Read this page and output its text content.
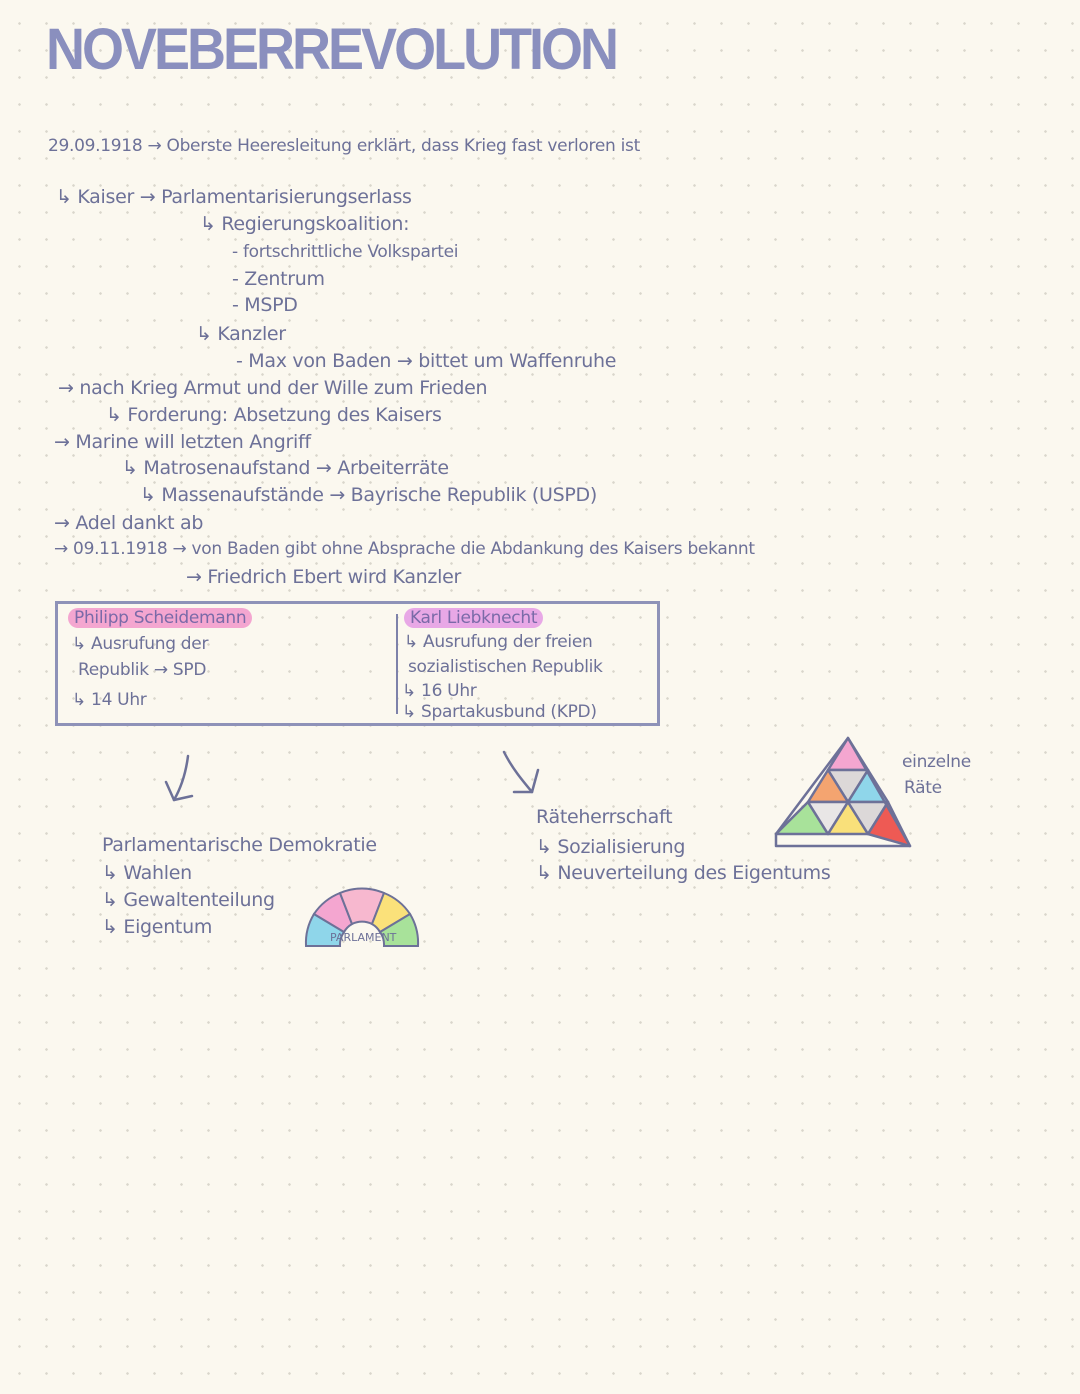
NOVEBERREVOLUTION
29.09.1918 → Oberste Heeresleitung erklärt, dass Krieg fast verloren ist
↳ Kaiser → Parlamentarisierungserlass
↳ Regierungskoalition:
- fortschrittliche Volkspartei
- Zentrum
- MSPD
↳ Kanzler
- Max von Baden → bittet um Waffenruhe
→ nach Krieg Armut und der Wille zum Frieden
↳ Forderung: Absetzung des Kaisers
→ Marine will letzten Angriff
↳ Matrosenaufstand → Arbeiterräte
↳ Massenaufstände → Bayrische Republik (USPD)
→ Adel dankt ab
→ 09.11.1918 → von Baden gibt ohne Absprache die Abdankung des Kaisers bekannt
→ Friedrich Ebert wird Kanzler
Philipp Scheidemann
↳ Ausrufung der
Republik → SPD
↳ 14 Uhr
Karl Liebknecht
↳ Ausrufung der freien
sozialistischen Republik
↳ 16 Uhr
↳ Spartakusbund (KPD)
Parlamentarische Demokratie
↳ Wahlen
↳ Gewaltenteilung
↳ Eigentum	PARLAMENT
Räteherrschaft
↳ Sozialisierung
↳ Neuverteilung des Eigentums
einzelne
Räte
